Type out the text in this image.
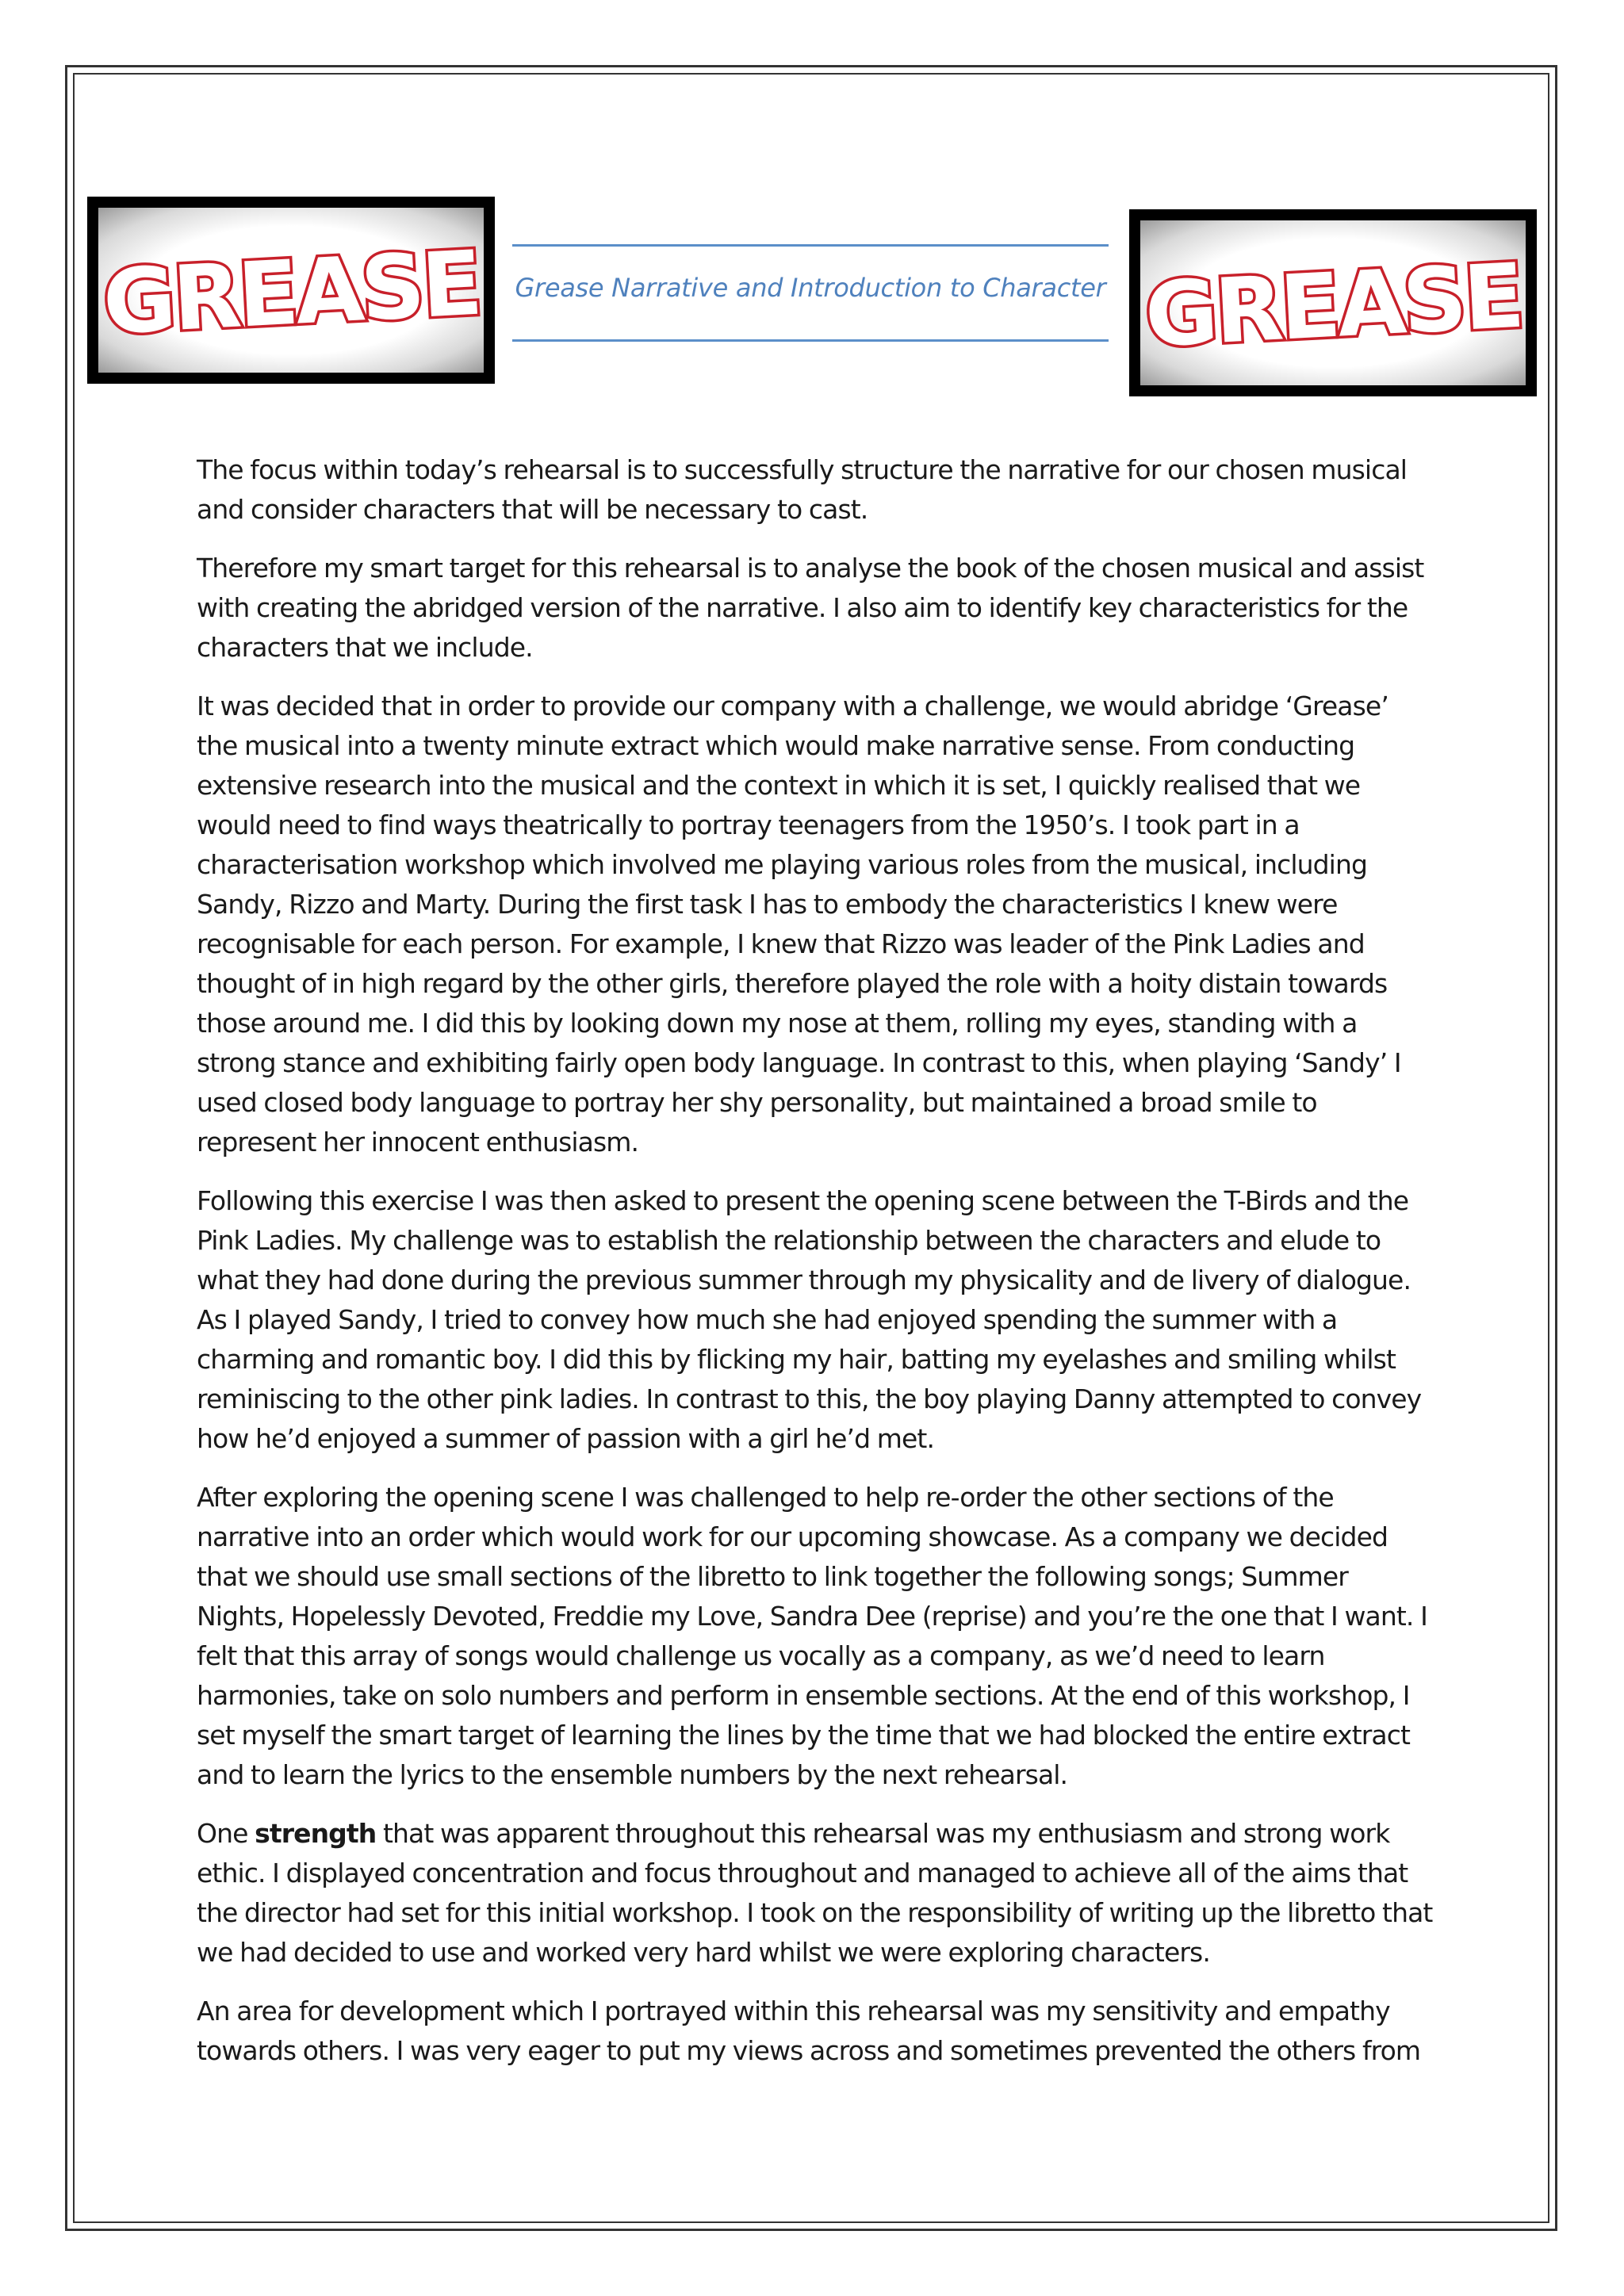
GREASE Grease Narrative and Introduction to Character GREASE

The focus within today’s rehearsal is to successfully structure the narrative for our chosen musical and consider characters that will be necessary to cast.

Therefore my smart target for this rehearsal is to analyse the book of the chosen musical and assist with creating the abridged version of the narrative. I also aim to identify key characteristics for the characters that we include.

It was decided that in order to provide our company with a challenge, we would abridge ‘Grease’ the musical into a twenty minute extract which would make narrative sense. From conducting extensive research into the musical and the context in which it is set, I quickly realised that we would need to find ways theatrically to portray teenagers from the 1950’s. I took part in a characterisation workshop which involved me playing various roles from the musical, including Sandy, Rizzo and Marty. During the first task I has to embody the characteristics I knew were recognisable for each person. For example, I knew that Rizzo was leader of the Pink Ladies and thought of in high regard by the other girls, therefore played the role with a hoity distain towards those around me. I did this by looking down my nose at them, rolling my eyes, standing with a strong stance and exhibiting fairly open body language. In contrast to this, when playing ‘Sandy’ I used closed body language to portray her shy personality, but maintained a broad smile to represent her innocent enthusiasm.

Following this exercise I was then asked to present the opening scene between the T-Birds and the Pink Ladies. My challenge was to establish the relationship between the characters and elude to what they had done during the previous summer through my physicality and de livery of dialogue. As I played Sandy, I tried to convey how much she had enjoyed spending the summer with a charming and romantic boy. I did this by flicking my hair, batting my eyelashes and smiling whilst reminiscing to the other pink ladies. In contrast to this, the boy playing Danny attempted to convey how he’d enjoyed a summer of passion with a girl he’d met.

After exploring the opening scene I was challenged to help re-order the other sections of the narrative into an order which would work for our upcoming showcase. As a company we decided that we should use small sections of the libretto to link together the following songs; Summer Nights, Hopelessly Devoted, Freddie my Love, Sandra Dee (reprise) and you’re the one that I want. I felt that this array of songs would challenge us vocally as a company, as we’d need to learn harmonies, take on solo numbers and perform in ensemble sections. At the end of this workshop, I set myself the smart target of learning the lines by the time that we had blocked the entire extract and to learn the lyrics to the ensemble numbers by the next rehearsal.

One strength that was apparent throughout this rehearsal was my enthusiasm and strong work ethic. I displayed concentration and focus throughout and managed to achieve all of the aims that the director had set for this initial workshop. I took on the responsibility of writing up the libretto that we had decided to use and worked very hard whilst we were exploring characters.

An area for development which I portrayed within this rehearsal was my sensitivity and empathy towards others. I was very eager to put my views across and sometimes prevented the others from
